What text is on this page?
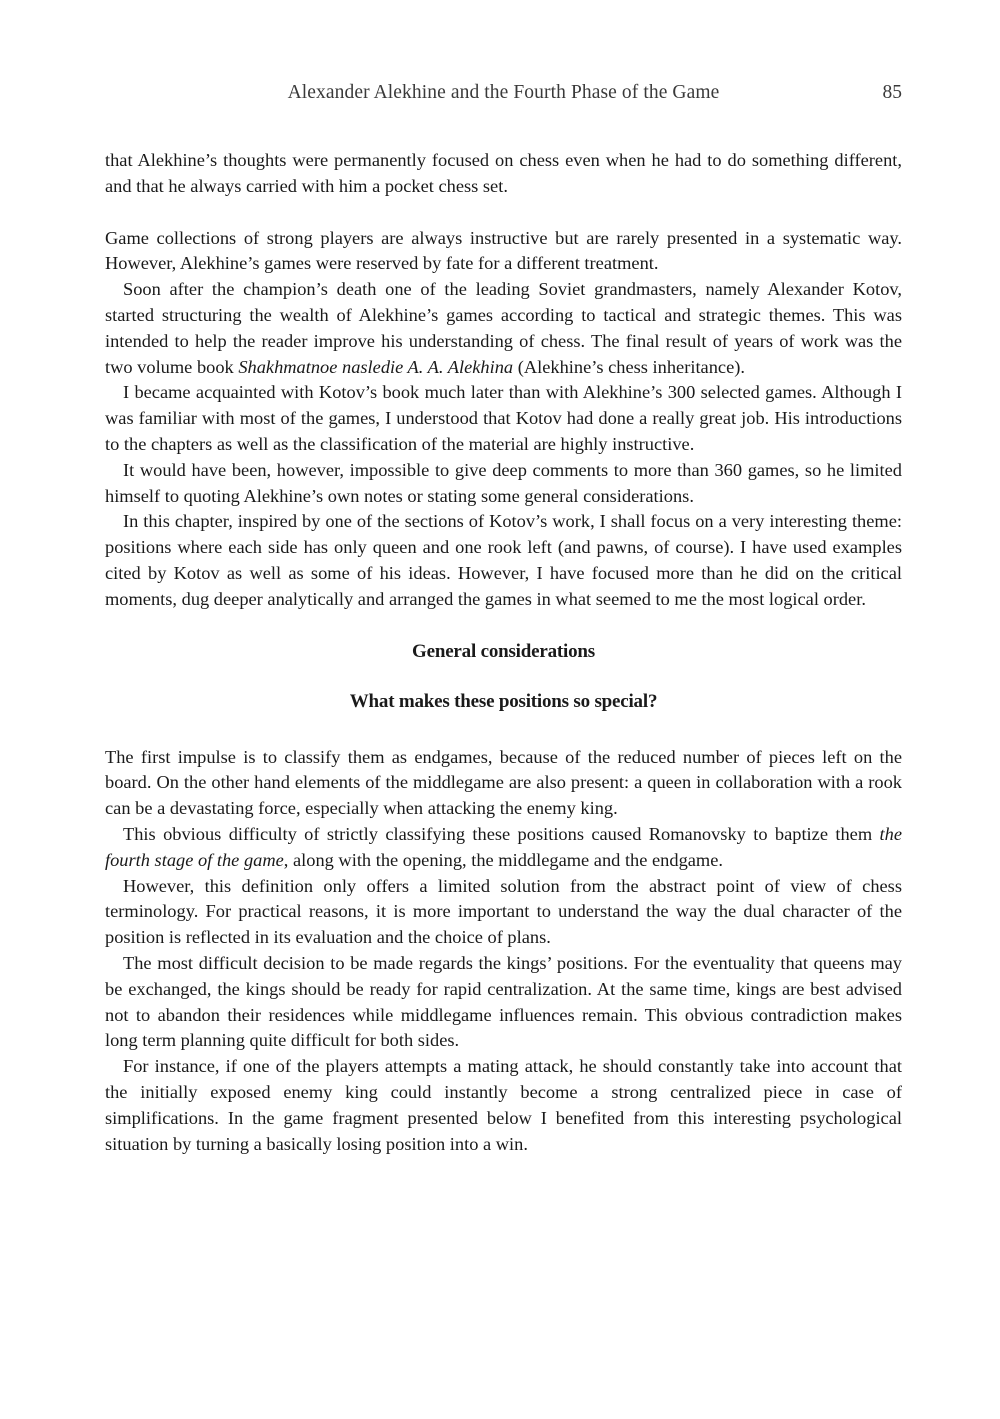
Alexander Alekhine and the Fourth Phase of the Game	85

that Alekhine’s thoughts were permanently focused on chess even when he had to do something different, and that he always carried with him a pocket chess set.

Game collections of strong players are always instructive but are rarely presented in a systematic way. However, Alekhine’s games were reserved by fate for a different treatment.

Soon after the champion’s death one of the leading Soviet grandmasters, namely Alexander Kotov, started structuring the wealth of Alekhine’s games according to tactical and strategic themes. This was intended to help the reader improve his understanding of chess. The final result of years of work was the two volume book Shakhmatnoe nasledie A. A. Alekhina (Alekhine’s chess inheritance).

I became acquainted with Kotov’s book much later than with Alekhine’s 300 selected games. Although I was familiar with most of the games, I understood that Kotov had done a really great job. His introductions to the chapters as well as the classification of the material are highly instructive.

It would have been, however, impossible to give deep comments to more than 360 games, so he limited himself to quoting Alekhine’s own notes or stating some general considerations.

In this chapter, inspired by one of the sections of Kotov’s work, I shall focus on a very interesting theme: positions where each side has only queen and one rook left (and pawns, of course). I have used examples cited by Kotov as well as some of his ideas. However, I have focused more than he did on the critical moments, dug deeper analytically and arranged the games in what seemed to me the most logical order.

General considerations
What makes these positions so special?

The first impulse is to classify them as endgames, because of the reduced number of pieces left on the board. On the other hand elements of the middlegame are also present: a queen in collaboration with a rook can be a devastating force, especially when attacking the enemy king.

This obvious difficulty of strictly classifying these positions caused Romanovsky to baptize them the fourth stage of the game, along with the opening, the middlegame and the endgame.

However, this definition only offers a limited solution from the abstract point of view of chess terminology. For practical reasons, it is more important to understand the way the dual character of the position is reflected in its evaluation and the choice of plans.

The most difficult decision to be made regards the kings’ positions. For the eventuality that queens may be exchanged, the kings should be ready for rapid centralization. At the same time, kings are best advised not to abandon their residences while middlegame influences remain. This obvious contradiction makes long term planning quite difficult for both sides.

For instance, if one of the players attempts a mating attack, he should constantly take into account that the initially exposed enemy king could instantly become a strong centralized piece in case of simplifications. In the game fragment presented below I benefited from this interesting psychological situation by turning a basically losing position into a win.
